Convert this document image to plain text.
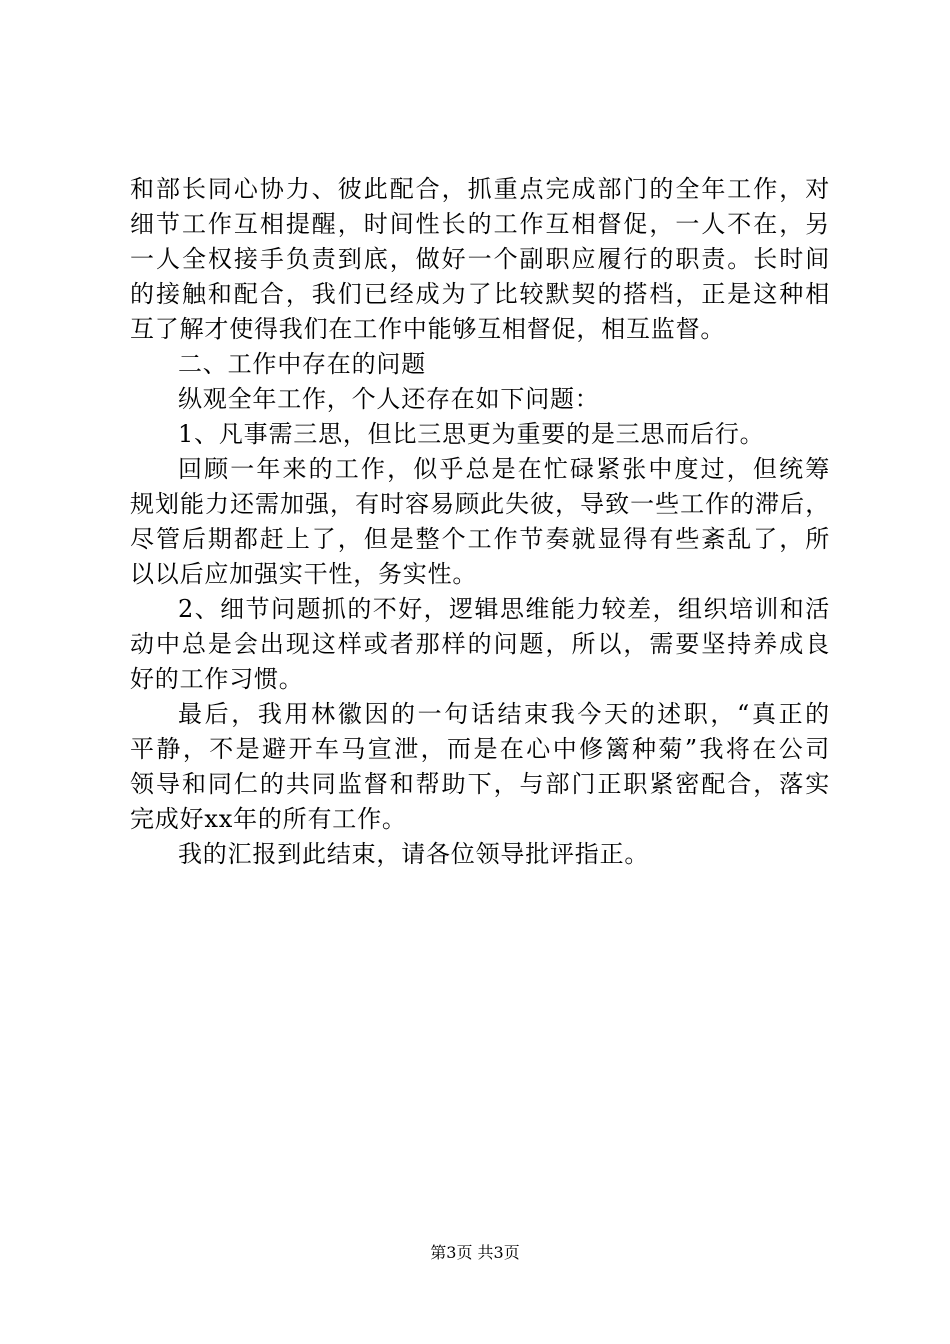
和部长同心协力、彼此配合，抓重点完成部门的全年工作，对
细节工作互相提醒，时间性长的工作互相督促，一人不在，另
一人全权接手负责到底，做好一个副职应履行的职责。长时间
的接触和配合，我们已经成为了比较默契的搭档，正是这种相
互了解才使得我们在工作中能够互相督促，相互监督。
二、工作中存在的问题
纵观全年工作，个人还存在如下问题：
1、凡事需三思，但比三思更为重要的是三思而后行。
回顾一年来的工作，似乎总是在忙碌紧张中度过，但统筹
规划能力还需加强，有时容易顾此失彼，导致一些工作的滞后，
尽管后期都赶上了，但是整个工作节奏就显得有些紊乱了，所
以以后应加强实干性，务实性。
2、细节问题抓的不好，逻辑思维能力较差，组织培训和活
动中总是会出现这样或者那样的问题，所以，需要坚持养成良
好的工作习惯。
最后，我用林徽因的一句话结束我今天的述职，“真正的
平静，不是避开车马宣泄，而是在心中修篱种菊”我将在公司
领导和同仁的共同监督和帮助下，与部门正职紧密配合，落实
完成好xx年的所有工作。
我的汇报到此结束，请各位领导批评指正。
第3页 共3页
